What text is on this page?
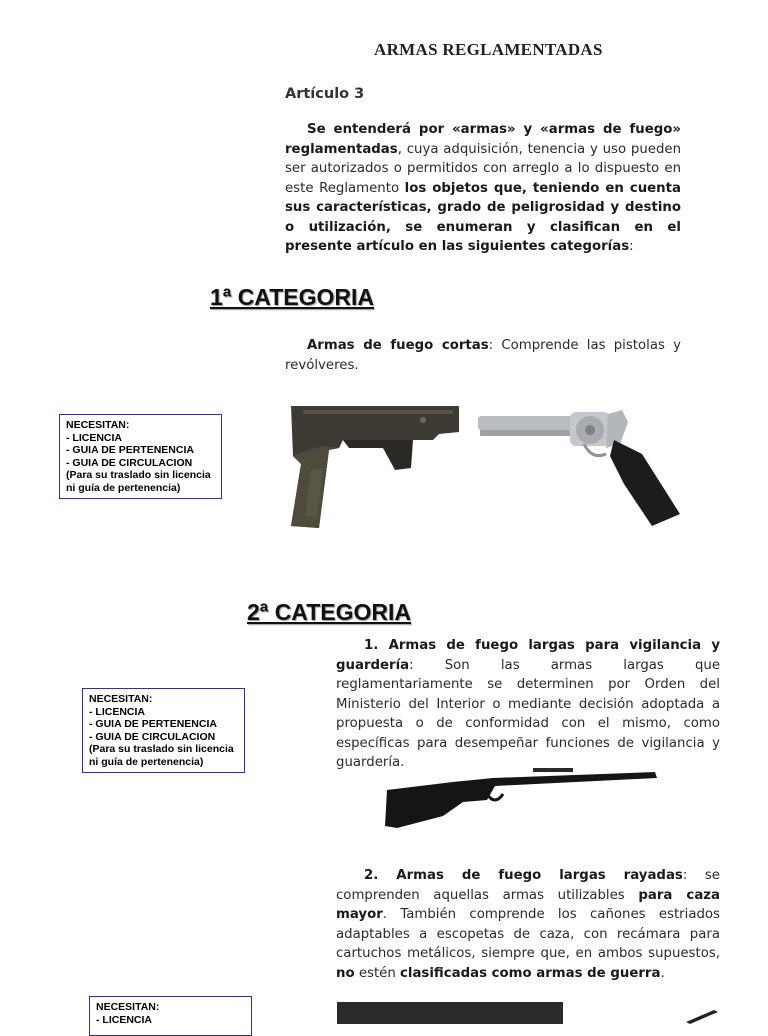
ARMAS REGLAMENTADAS
Artículo 3
Se entenderá por «armas» y «armas de fuego» reglamentadas, cuya adquisición, tenencia y uso pueden ser autorizados o permitidos con arreglo a lo dispuesto en este Reglamento los objetos que, teniendo en cuenta sus características, grado de peligrosidad y destino o utilización, se enumeran y clasifican en el presente artículo en las siguientes categorías:
1ª CATEGORIA
Armas de fuego cortas: Comprende las pistolas y revólveres.
NECESITAN:
- LICENCIA
- GUIA DE PERTENENCIA
- GUIA DE CIRCULACION
(Para su traslado sin licencia
ni guía de pertenencia)
2ª CATEGORIA
1. Armas de fuego largas para vigilancia y guardería: Son las armas largas que reglamentariamente se determinen por Orden del Ministerio del Interior o mediante decisión adoptada a propuesta o de conformidad con el mismo, como específicas para desempeñar funciones de vigilancia y guardería.
NECESITAN:
- LICENCIA
- GUIA DE PERTENENCIA
- GUIA DE CIRCULACION
(Para su traslado sin licencia
ni guía de pertenencia)
2. Armas de fuego largas rayadas: se comprenden aquellas armas utilizables para caza mayor. También comprende los cañones estriados adaptables a escopetas de caza, con recámara para cartuchos metálicos, siempre que, en ambos supuestos, no estén clasificadas como armas de guerra.
NECESITAN:
- LICENCIA
